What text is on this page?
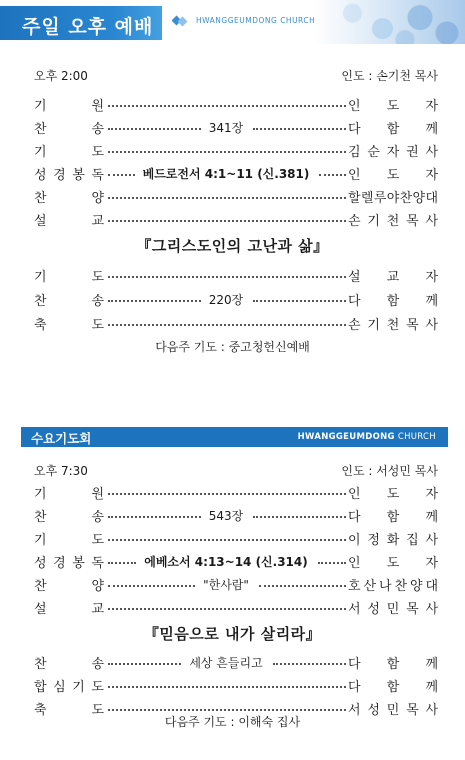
주일 오후 예배	HWANGGEUMDONG CHURCH
오후 2:00	인도 : 손기천 목사
기	원	인 도 자
찬	송	341장	다 함 께
기	도	김 순 자 권 사
성 경 봉 독	베드로전서 4:1~11 (신.381)	인 도 자
찬	양	할 렐 루 야 찬 양 대
설	교	손 기 천 목 사
『그리스도인의 고난과 삶』
기	도	설 교 자
찬	송	220장	다 함 께
축	도	손 기 천 목 사
다음주 기도 : 중고청헌신예배
수요기도회	HWANGGEUMDONG CHURCH
오후 7:30	인도 : 서성민 목사
기	원	인 도 자
찬	송	543장	다 함 께
기	도	이 정 화 집 사
성 경 봉 독	에베소서 4:13~14 (신.314)	인 도 자
찬	양	"한사람"	호 산 나 찬 양 대
설	교	서 성 민 목 사
『믿음으로 내가 살리라』
찬	송	세상 흔들리고	다 함 께
합 심 기 도	다 함 께
축	도	서 성 민 목 사
다음주 기도 : 이해숙 집사
